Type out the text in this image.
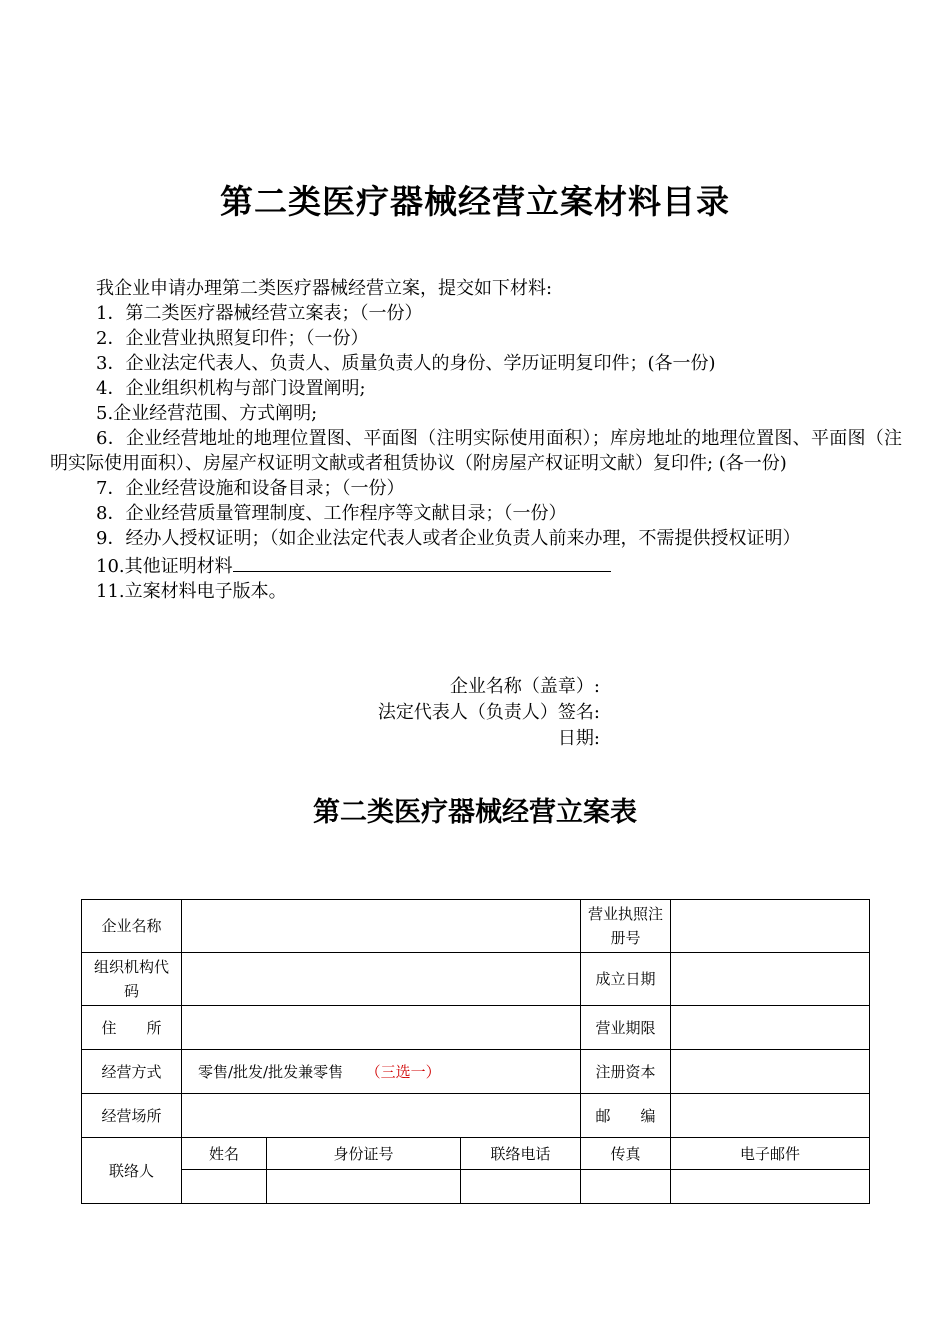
第二类医疗器械经营立案材料目录

我企业申请办理第二类医疗器械经营立案，提交如下材料:

1．第二类医疗器械经营立案表；（一份）

2．企业营业执照复印件；（一份）

3．企业法定代表人、负责人、质量负责人的身份、学历证明复印件；(各一份)

4．企业组织机构与部门设置阐明;

5.企业经营范围、方式阐明;

6．企业经营地址的地理位置图、平面图（注明实际使用面积）；库房地址的地理位置图、平面图（注明实际使用面积）、房屋产权证明文献或者租赁协议（附房屋产权证明文献）复印件; (各一份)

7．企业经营设施和设备目录；（一份）

8．企业经营质量管理制度、工作程序等文献目录；（一份）

9．经办人授权证明；（如企业法定代表人或者企业负责人前来办理，不需提供授权证明）

10.其他证明材料

11.立案材料电子版本。

企业名称（盖章）:
法定代表人（负责人）签名:
日期:
第二类医疗器械经营立案表
企业名称				营业执照注册号	
组织机构代　　码				成立日期	
住　　所				营业期限	
经营方式	零售/批发/批发兼零售　　 （三选一）			注册资本	
经营场所				邮　　编	
联络人	姓名	身份证号	联络电话	传真	电子邮件
